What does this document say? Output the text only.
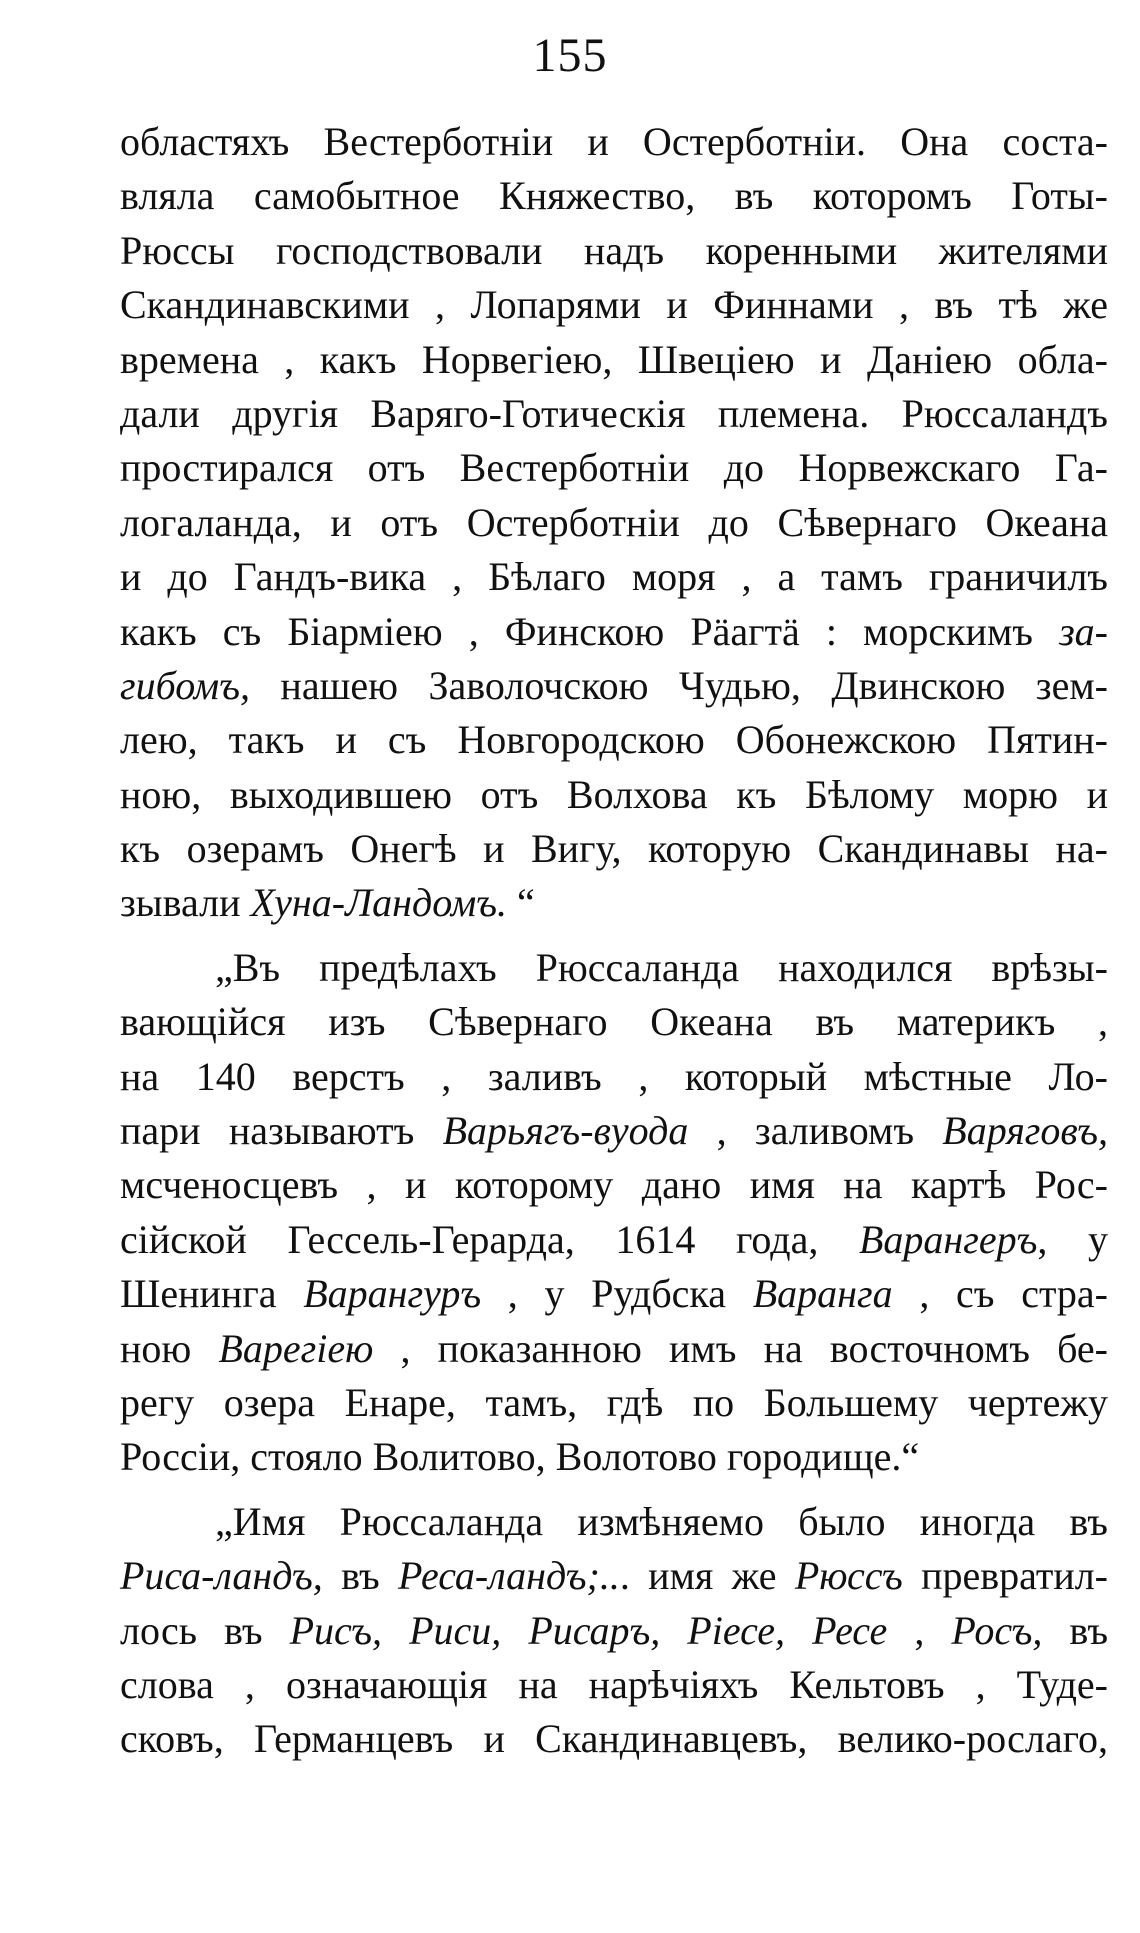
155
областяхъ Вестерботніи и Остерботніи. Она соста-
вляла самобытное Княжество, въ которомъ Готы-
Рюссы господствовали надъ коренными жителями
Скандинавскими , Лопарями и Финнами , въ тѣ же
времена , какъ Норвегіею, Швеціею и Даніею обла-
дали другія Варяго-Готическія племена. Рюссаландъ
простирался отъ Вестерботніи до Норвежскаго Га-
логаланда, и отъ Остерботніи до Сѣвернаго Океана
и до Гандъ-вика , Бѣлаго моря , а тамъ граничилъ
какъ съ Біармiею , Финскою Рäагтä : морскимъ за-
гибомъ, нашею Заволочскою Чудью, Двинскою зем-
лею, такъ и съ Новгородскою Обонежскою Пятин-
ною, выходившею отъ Волхова къ Бѣлому морю и
къ озерамъ Онегѣ и Вигу, которую Скандинавы на-
зывали Хуна-Ландомъ. “
„Въ предѣлахъ Рюссаланда находился врѣзы-
вающійся изъ Сѣвернаго Океана въ материкъ ,
на 140 верстъ , заливъ , который мѣстные Ло-
пари называютъ Варьягъ-вуода , заливомъ Варяговъ,
мсченосцевъ , и которому дано имя на картѣ Рос-
сійской Гессель-Герарда, 1614 года, Варангеръ, у
Шенинга Варангуръ , у Рудбска Варанга , съ стра-
ною Варегіею , показанною имъ на восточномъ бе-
регу озера Енаре, тамъ, гдѣ по Большему чертежу
Россіи, стояло Волитово, Волотово городище.“
„Имя Рюссаланда измѣняемо было иногда въ
Риса-ландъ, въ Реса-ландъ;... имя же Рюссъ превратил-
лось въ Рисъ, Риси, Рисаръ, Ріесе, Ресе , Росъ, въ
слова , означающія на нарѣчіяхъ Кельтовъ , Туде-
сковъ, Германцевъ и Скандинавцевъ, велико-рослаго,
